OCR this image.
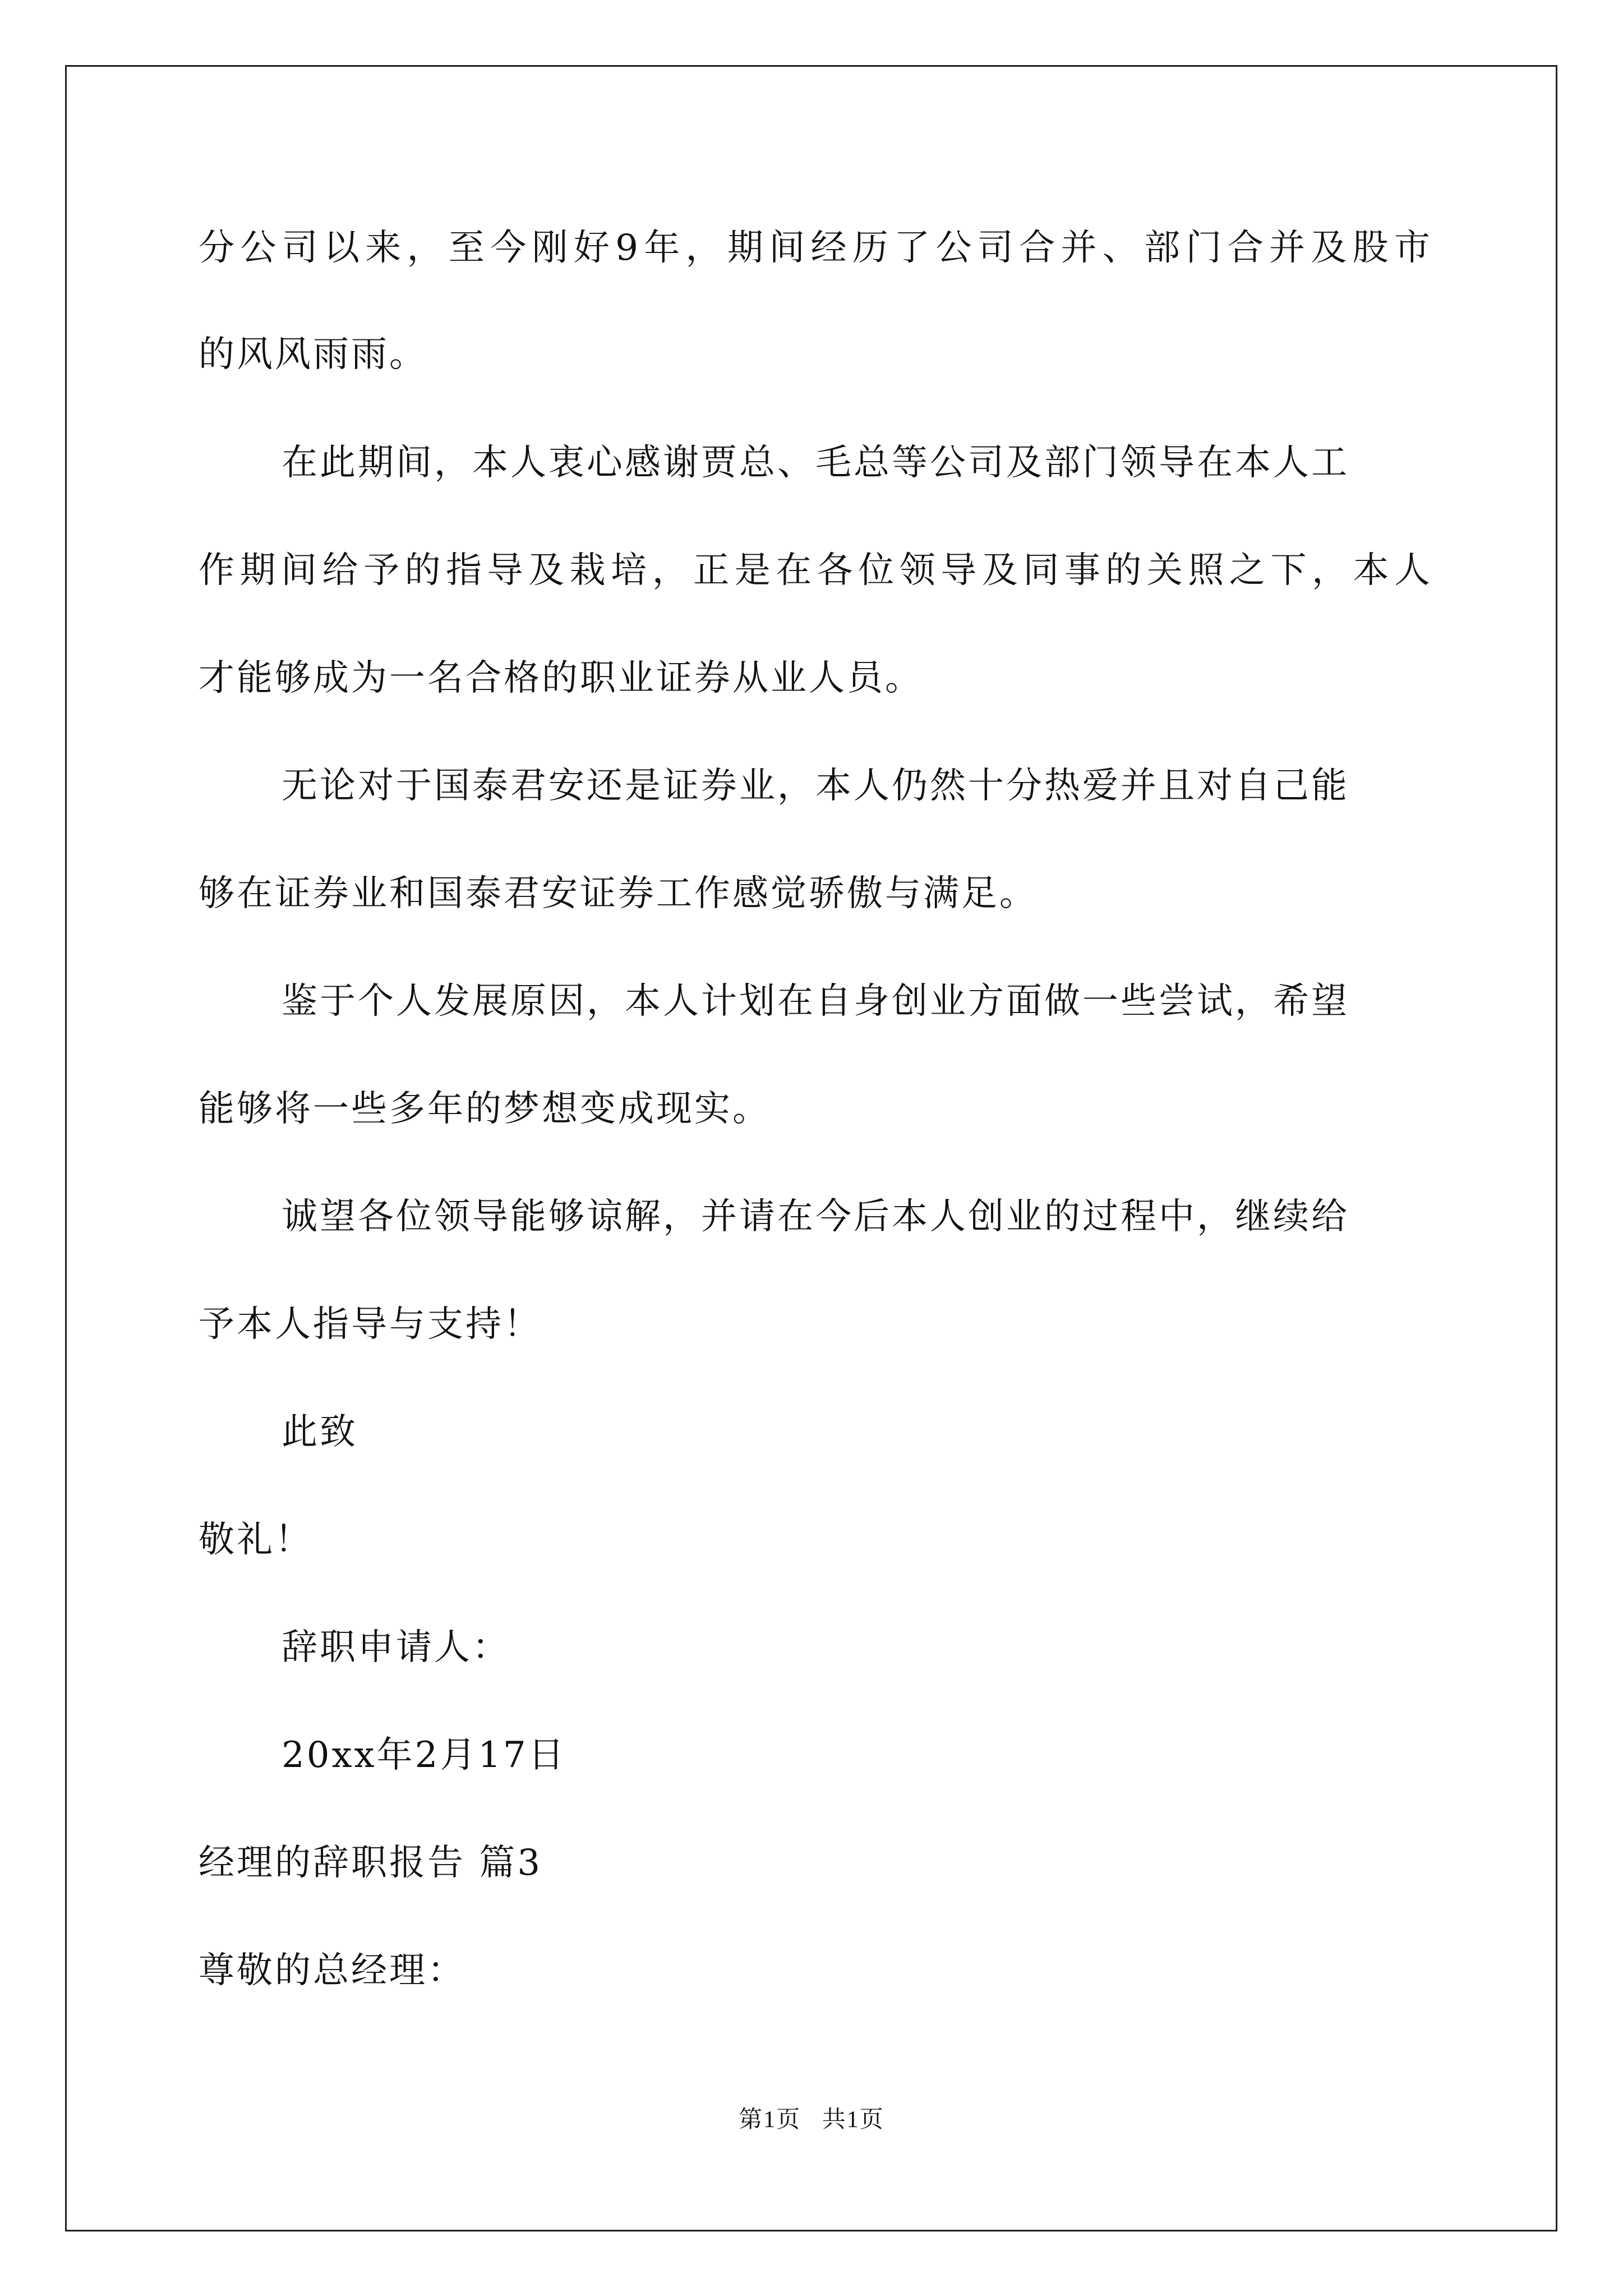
分公司以来，至今刚好9年，期间经历了公司合并、部门合并及股市

的风风雨雨。

在此期间，本人衷心感谢贾总、毛总等公司及部门领导在本人工

作期间给予的指导及栽培，正是在各位领导及同事的关照之下，本人

才能够成为一名合格的职业证券从业人员。

无论对于国泰君安还是证券业，本人仍然十分热爱并且对自己能

够在证券业和国泰君安证券工作感觉骄傲与满足。

鉴于个人发展原因，本人计划在自身创业方面做一些尝试，希望

能够将一些多年的梦想变成现实。

诚望各位领导能够谅解，并请在今后本人创业的过程中，继续给

予本人指导与支持！

此致

敬礼！

辞职申请人：

20xx年2月17日

经理的辞职报告 篇3

尊敬的总经理：

第1页   共1页
